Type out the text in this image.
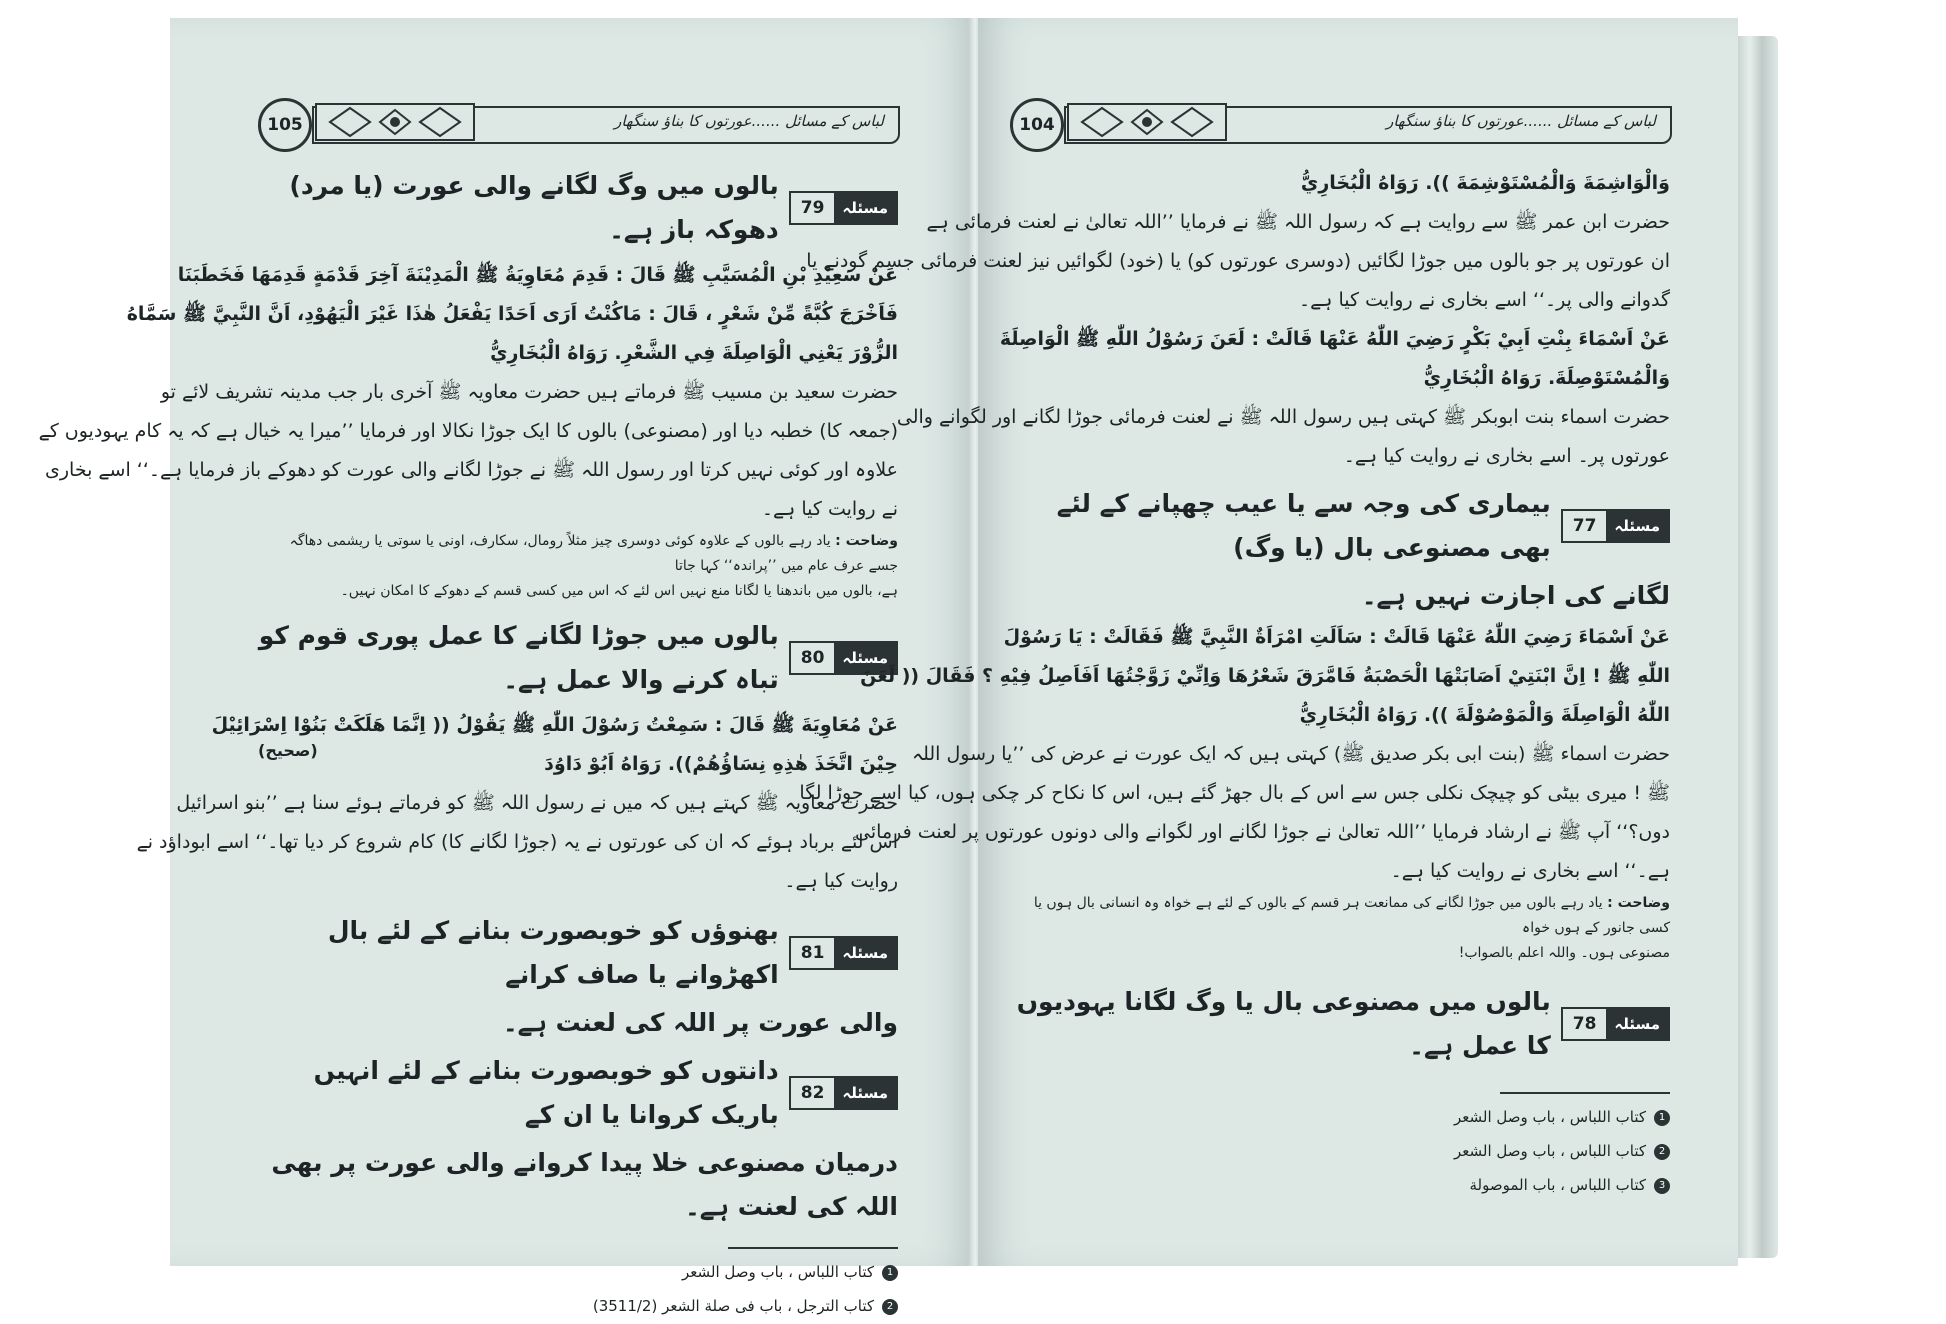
105	لباس کے مسائل ......عورتوں کا بناؤ سنگھار
مسئلہ
79
بالوں میں وگ لگانے والی عورت (یا مرد) دھوکہ باز ہے۔
عَنْ سَعِيْدِ بْنِ الْمُسَيَّبِ ﷺ قَالَ : قَدِمَ مُعَاوِيَةُ ﷺ الْمَدِيْنَةَ آخِرَ قَدْمَةٍ قَدِمَهَا فَخَطَبَنَا
فَاَخْرَجَ كُبَّةً مِّنْ شَعْرٍ ، قَالَ : مَاكُنْتُ اَرَى اَحَدًا يَفْعَلُ هٰذَا غَيْرَ الْيَهُوْدِ، اَنَّ النَّبِيَّ ﷺ سَمَّاهُ
الزُّوْرَ يَعْنِي الْوَاصِلَةَ فِي الشَّعْرِ. رَوَاهُ الْبُخَارِيُّ
حضرت سعید بن مسیب ﷺ فرماتے ہیں حضرت معاویہ ﷺ آخری بار جب مدینہ تشریف لائے تو
(جمعہ کا) خطبہ دیا اور (مصنوعی) بالوں کا ایک جوڑا نکالا اور فرمایا ’’میرا یہ خیال ہے کہ یہ کام یہودیوں کے
علاوہ اور کوئی نہیں کرتا اور رسول اللہ ﷺ نے جوڑا لگانے والی عورت کو دھوکے باز فرمایا ہے۔‘‘ اسے بخاری
نے روایت کیا ہے۔
وضاحت : یاد رہے بالوں کے علاوہ کوئی دوسری چیز مثلاً رومال، سکارف، اونی یا سوتی یا ریشمی دھاگہ جسے عرف عام میں ’’پراندہ‘‘ کہا جاتا
ہے، بالوں میں باندھنا یا لگانا منع نہیں اس لئے کہ اس میں کسی قسم کے دھوکے کا امکان نہیں۔
مسئلہ
80
بالوں میں جوڑا لگانے کا عمل پوری قوم کو تباہ کرنے والا عمل ہے۔
عَنْ مُعَاوِيَةَ ﷺ قَالَ : سَمِعْتُ رَسُوْلَ اللّٰهِ ﷺ يَقُوْلُ (( اِنَّمَا هَلَكَتْ بَنُوْا اِسْرَائِيْلَ
حِيْنَ اتَّخَذَ هٰذِهِ نِسَاؤُهُمْ)). رَوَاهُ اَبُوْ دَاوُدَ
(صحیح)
حضرت معاویہ ﷺ کہتے ہیں کہ میں نے رسول اللہ ﷺ کو فرماتے ہوئے سنا ہے ’’بنو اسرائیل
اس لئے برباد ہوئے کہ ان کی عورتوں نے یہ (جوڑا لگانے کا) کام شروع کر دیا تھا۔‘‘ اسے ابوداؤد نے
روایت کیا ہے۔
مسئلہ
81
بھنوؤں کو خوبصورت بنانے کے لئے بال اکھڑوانے یا صاف کرانے
والی عورت پر اللہ کی لعنت ہے۔
مسئلہ
82
دانتوں کو خوبصورت بنانے کے لئے انہیں باریک کروانا یا ان کے
درمیان مصنوعی خلا پیدا کروانے والی عورت پر بھی اللہ کی لعنت ہے۔
1كتاب اللباس ، باب وصل الشعر
2كتاب الترجل ، باب فى صلة الشعر (3511/2)
104	لباس کے مسائل ......عورتوں کا بناؤ سنگھار
وَالْوَاشِمَةَ وَالْمُسْتَوْشِمَةَ )). رَوَاهُ الْبُخَارِيُّ
حضرت ابن عمر ﷺ سے روایت ہے کہ رسول اللہ ﷺ نے فرمایا ’’اللہ تعالیٰ نے لعنت فرمائی ہے
ان عورتوں پر جو بالوں میں جوڑا لگائیں (دوسری عورتوں کو) یا (خود) لگوائیں نیز لعنت فرمائی جسم گودنے یا
گدوانے والی پر۔‘‘ اسے بخاری نے روایت کیا ہے۔
عَنْ اَسْمَاءَ بِنْتِ اَبِيْ بَكْرٍ رَضِيَ اللّٰهُ عَنْهَا قَالَتْ : لَعَنَ رَسُوْلُ اللّٰهِ ﷺ الْوَاصِلَةَ
وَالْمُسْتَوْصِلَةَ. رَوَاهُ الْبُخَارِيُّ
حضرت اسماء بنت ابوبکر ﷺ کہتی ہیں رسول اللہ ﷺ نے لعنت فرمائی جوڑا لگانے اور لگوانے والی
عورتوں پر۔ اسے بخاری نے روایت کیا ہے۔
مسئلہ
77
بیماری کی وجہ سے یا عیب چھپانے کے لئے بھی مصنوعی بال (یا وگ)
لگانے کی اجازت نہیں ہے۔
عَنْ اَسْمَاءَ رَضِيَ اللّٰهُ عَنْهَا قَالَتْ : سَاَلَتِ امْرَاَةٌ النَّبِيَّ ﷺ فَقَالَتْ : يَا رَسُوْلَ
اللّٰهِ ﷺ ! اِنَّ ابْنَتِيْ اَصَابَتْهَا الْحَصْبَةُ فَامَّرَقَ شَعْرُهَا وَاِنِّيْ زَوَّجْتُهَا اَفَاَصِلُ فِيْهِ ؟ فَقَالَ (( لَعَنَ
اللّٰهُ الْوَاصِلَةَ وَالْمَوْصُوْلَةَ )). رَوَاهُ الْبُخَارِيُّ
حضرت اسماء ﷺ (بنت ابی بکر صدیق ﷺ) کہتی ہیں کہ ایک عورت نے عرض کی ’’یا رسول اللہ
ﷺ ! میری بیٹی کو چیچک نکلی جس سے اس کے بال جھڑ گئے ہیں، اس کا نکاح کر چکی ہوں، کیا اسے جوڑا لگا
دوں؟‘‘ آپ ﷺ نے ارشاد فرمایا ’’اللہ تعالیٰ نے جوڑا لگانے اور لگوانے والی دونوں عورتوں پر لعنت فرمائی
ہے۔‘‘ اسے بخاری نے روایت کیا ہے۔
وضاحت : یاد رہے بالوں میں جوڑا لگانے کی ممانعت ہر قسم کے بالوں کے لئے ہے خواہ وہ انسانی بال ہوں یا کسی جانور کے ہوں خواہ
مصنوعی ہوں۔ واللہ اعلم بالصواب!
مسئلہ
78
بالوں میں مصنوعی بال یا وگ لگانا یہودیوں کا عمل ہے۔
1كتاب اللباس ، باب وصل الشعر
2كتاب اللباس ، باب وصل الشعر
3كتاب اللباس ، باب الموصولة
